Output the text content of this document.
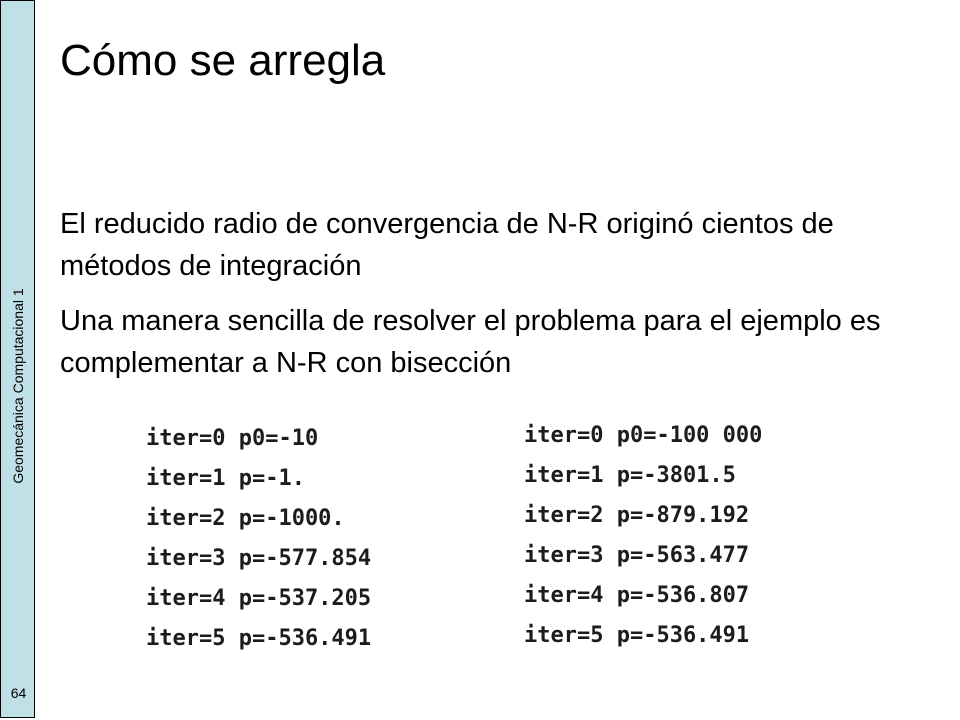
Geomecánica Computacional 1
64
Cómo se arregla

El reducido radio de convergencia de N-R originó cientos de métodos de integración

Una manera sencilla de resolver el problema para el ejemplo es complementar a N-R con bisección

iter=0 p0=-10
iter=1 p=-1.
iter=2 p=-1000.
iter=3 p=-577.854
iter=4 p=-537.205
iter=5 p=-536.491
iter=0 p0=-100 000
iter=1 p=-3801.5
iter=2 p=-879.192
iter=3 p=-563.477
iter=4 p=-536.807
iter=5 p=-536.491
